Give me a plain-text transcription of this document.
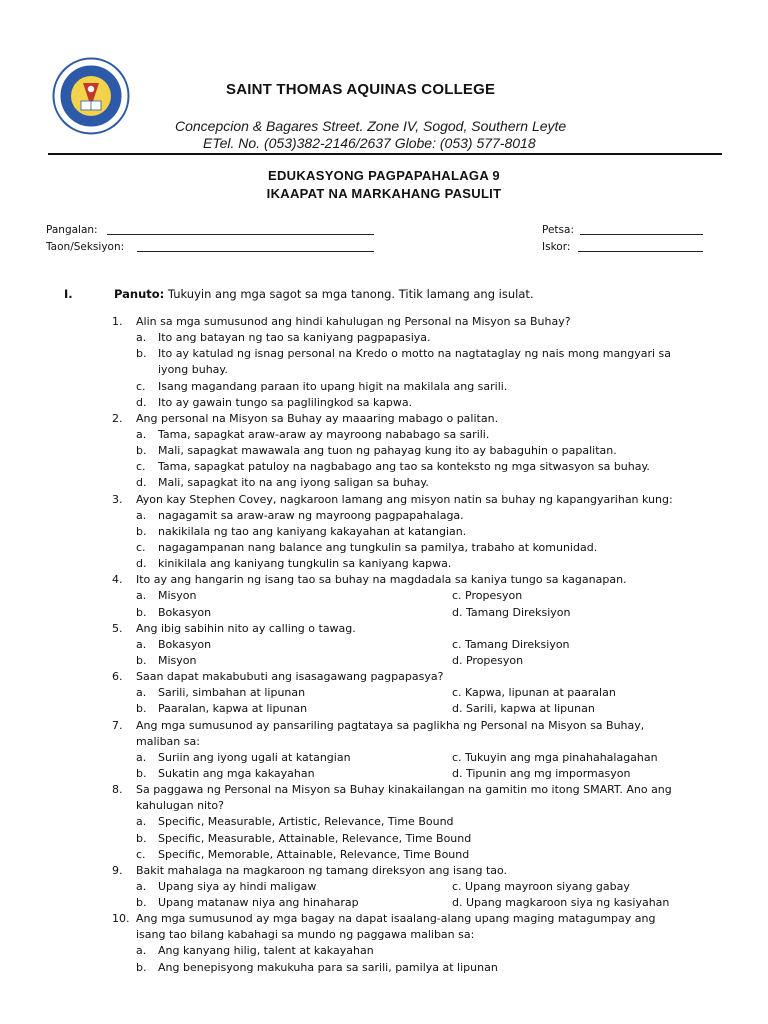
SAINT THOMAS AQUINAS COLLEGE
Concepcion & Bagares Street. Zone IV, Sogod, Southern Leyte
ETel. No. (053)382-2146/2637 Globe: (053) 577-8018
EDUKASYONG PAGPAPAHALAGA 9
IKAAPAT NA MARKAHANG PASULIT
Pangalan:	Petsa:
Taon/Seksiyon:	Iskor:
I.	Panuto: Tukuyin ang mga sagot sa mga tanong. Titik lamang ang isulat.
1. Alin sa mga sumusunod ang hindi kahulugan ng Personal na Misyon sa Buhay?
a. Ito ang batayan ng tao sa kaniyang pagpapasiya.
b. Ito ay katulad ng isnag personal na Kredo o motto na nagtataglay ng nais mong mangyari sa
iyong buhay.
c. Isang magandang paraan ito upang higit na makilala ang sarili.
d. Ito ay gawain tungo sa paglilingkod sa kapwa.
2. Ang personal na Misyon sa Buhay ay maaaring mabago o palitan.
a. Tama, sapagkat araw-araw ay mayroong nababago sa sarili.
b. Mali, sapagkat mawawala ang tuon ng pahayag kung ito ay babaguhin o papalitan.
c. Tama, sapagkat patuloy na nagbabago ang tao sa konteksto ng mga sitwasyon sa buhay.
d. Mali, sapagkat ito na ang iyong saligan sa buhay.
3. Ayon kay Stephen Covey, nagkaroon lamang ang misyon natin sa buhay ng kapangyarihan kung:
a. nagagamit sa araw-araw ng mayroong pagpapahalaga.
b. nakikilala ng tao ang kaniyang kakayahan at katangian.
c. nagagampanan nang balance ang tungkulin sa pamilya, trabaho at komunidad.
d. kinikilala ang kaniyang tungkulin sa kaniyang kapwa.
4. Ito ay ang hangarin ng isang tao sa buhay na magdadala sa kaniya tungo sa kaganapan.
a. Misyon	c. Propesyon
b. Bokasyon	d. Tamang Direksiyon
5. Ang ibig sabihin nito ay calling o tawag.
a. Bokasyon	c. Tamang Direksiyon
b. Misyon	d. Propesyon
6. Saan dapat makabubuti ang isasagawang pagpapasya?
a. Sarili, simbahan at lipunan	c. Kapwa, lipunan at paaralan
b. Paaralan, kapwa at lipunan	d. Sarili, kapwa at lipunan
7. Ang mga sumusunod ay pansariling pagtataya sa paglikha ng Personal na Misyon sa Buhay,
maliban sa:
a. Suriin ang iyong ugali at katangian	c. Tukuyin ang mga pinahahalagahan
b. Sukatin ang mga kakayahan	d. Tipunin ang mg impormasyon
8. Sa paggawa ng Personal na Misyon sa Buhay kinakailangan na gamitin mo itong SMART. Ano ang
kahulugan nito?
a. Specific, Measurable, Artistic, Relevance, Time Bound
b. Specific, Measurable, Attainable, Relevance, Time Bound
c. Specific, Memorable, Attainable, Relevance, Time Bound
9. Bakit mahalaga na magkaroon ng tamang direksyon ang isang tao.
a. Upang siya ay hindi maligaw	c. Upang mayroon siyang gabay
b. Upang matanaw niya ang hinaharap	d. Upang magkaroon siya ng kasiyahan
10. Ang mga sumusunod ay mga bagay na dapat isaalang-alang upang maging matagumpay ang
isang tao bilang kabahagi sa mundo ng paggawa maliban sa:
a. Ang kanyang hilig, talent at kakayahan
b. Ang benepisyong makukuha para sa sarili, pamilya at lipunan
